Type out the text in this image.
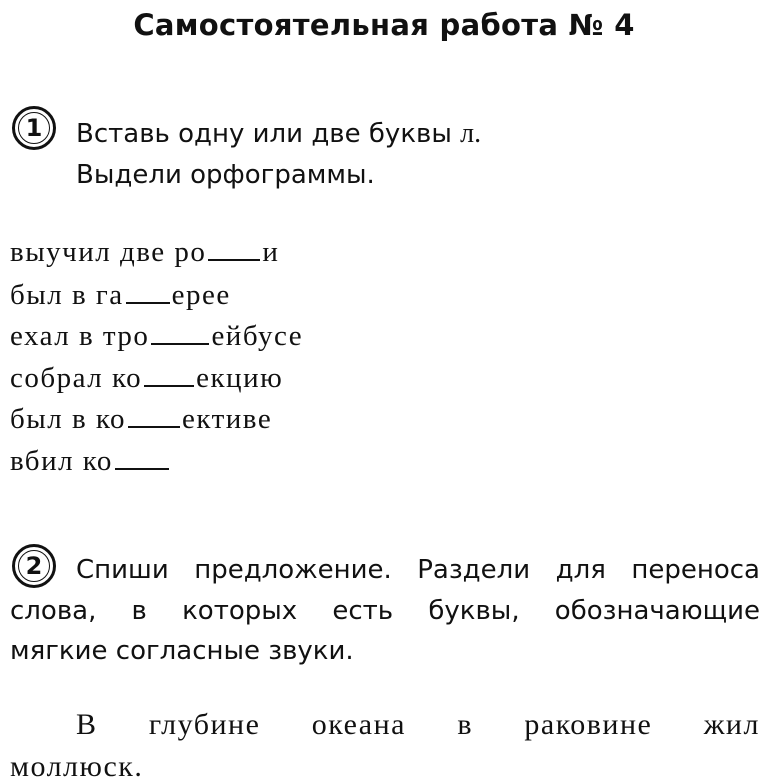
Самостоятельная работа № 4
1	Вставь одну или две буквы л.
Выдели орфограммы.
выучил две ро и
был в га ерее
ехал в тро ейбусе
собрал ко екцию
был в ко ективе
вбил ко
2	Спиши предложение. Раздели для переноса
слова, в которых есть буквы, обозначающие
мягкие согласные звуки.
В глубине океана в раковине жил
моллюск.
